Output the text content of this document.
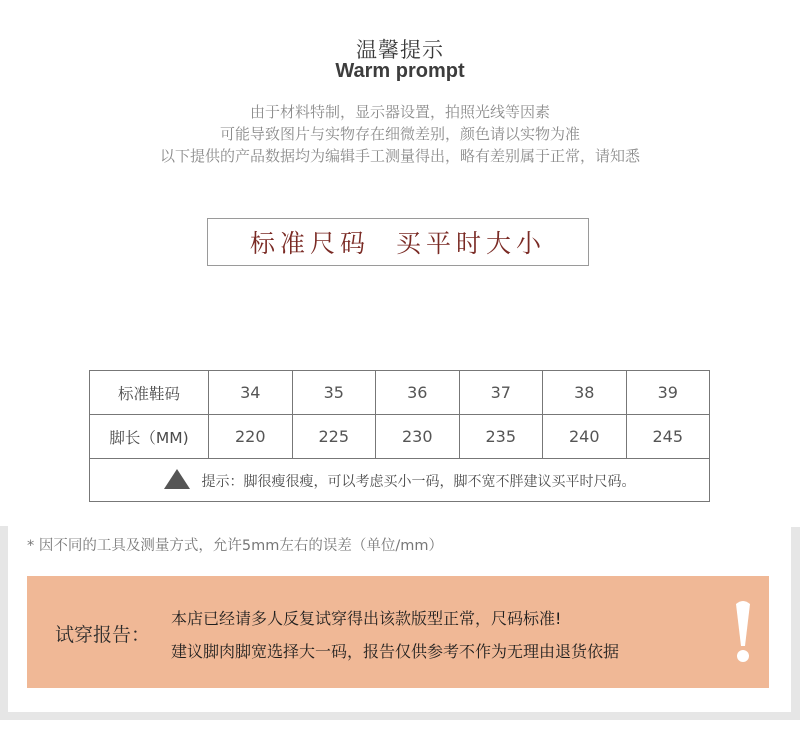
温馨提示
Warm prompt
由于材料特制，显示器设置，拍照光线等因素
可能导致图片与实物存在细微差别，颜色请以实物为准
以下提供的产品数据均为编辑手工测量得出，略有差别属于正常，请知悉
标准尺码  买平时大小
标准鞋码	34	35	36	37	38	39
脚长（MM)	220	225	230	235	240	245
提示：脚很瘦很瘦，可以考虑买小一码，脚不宽不胖建议买平时尺码。						
* 因不同的工具及测量方式，允许5mm左右的误差（单位/mm）
试穿报告：
本店已经请多人反复试穿得出该款版型正常，尺码标准!
建议脚肉脚宽选择大一码，报告仅供参考不作为无理由退货依据
